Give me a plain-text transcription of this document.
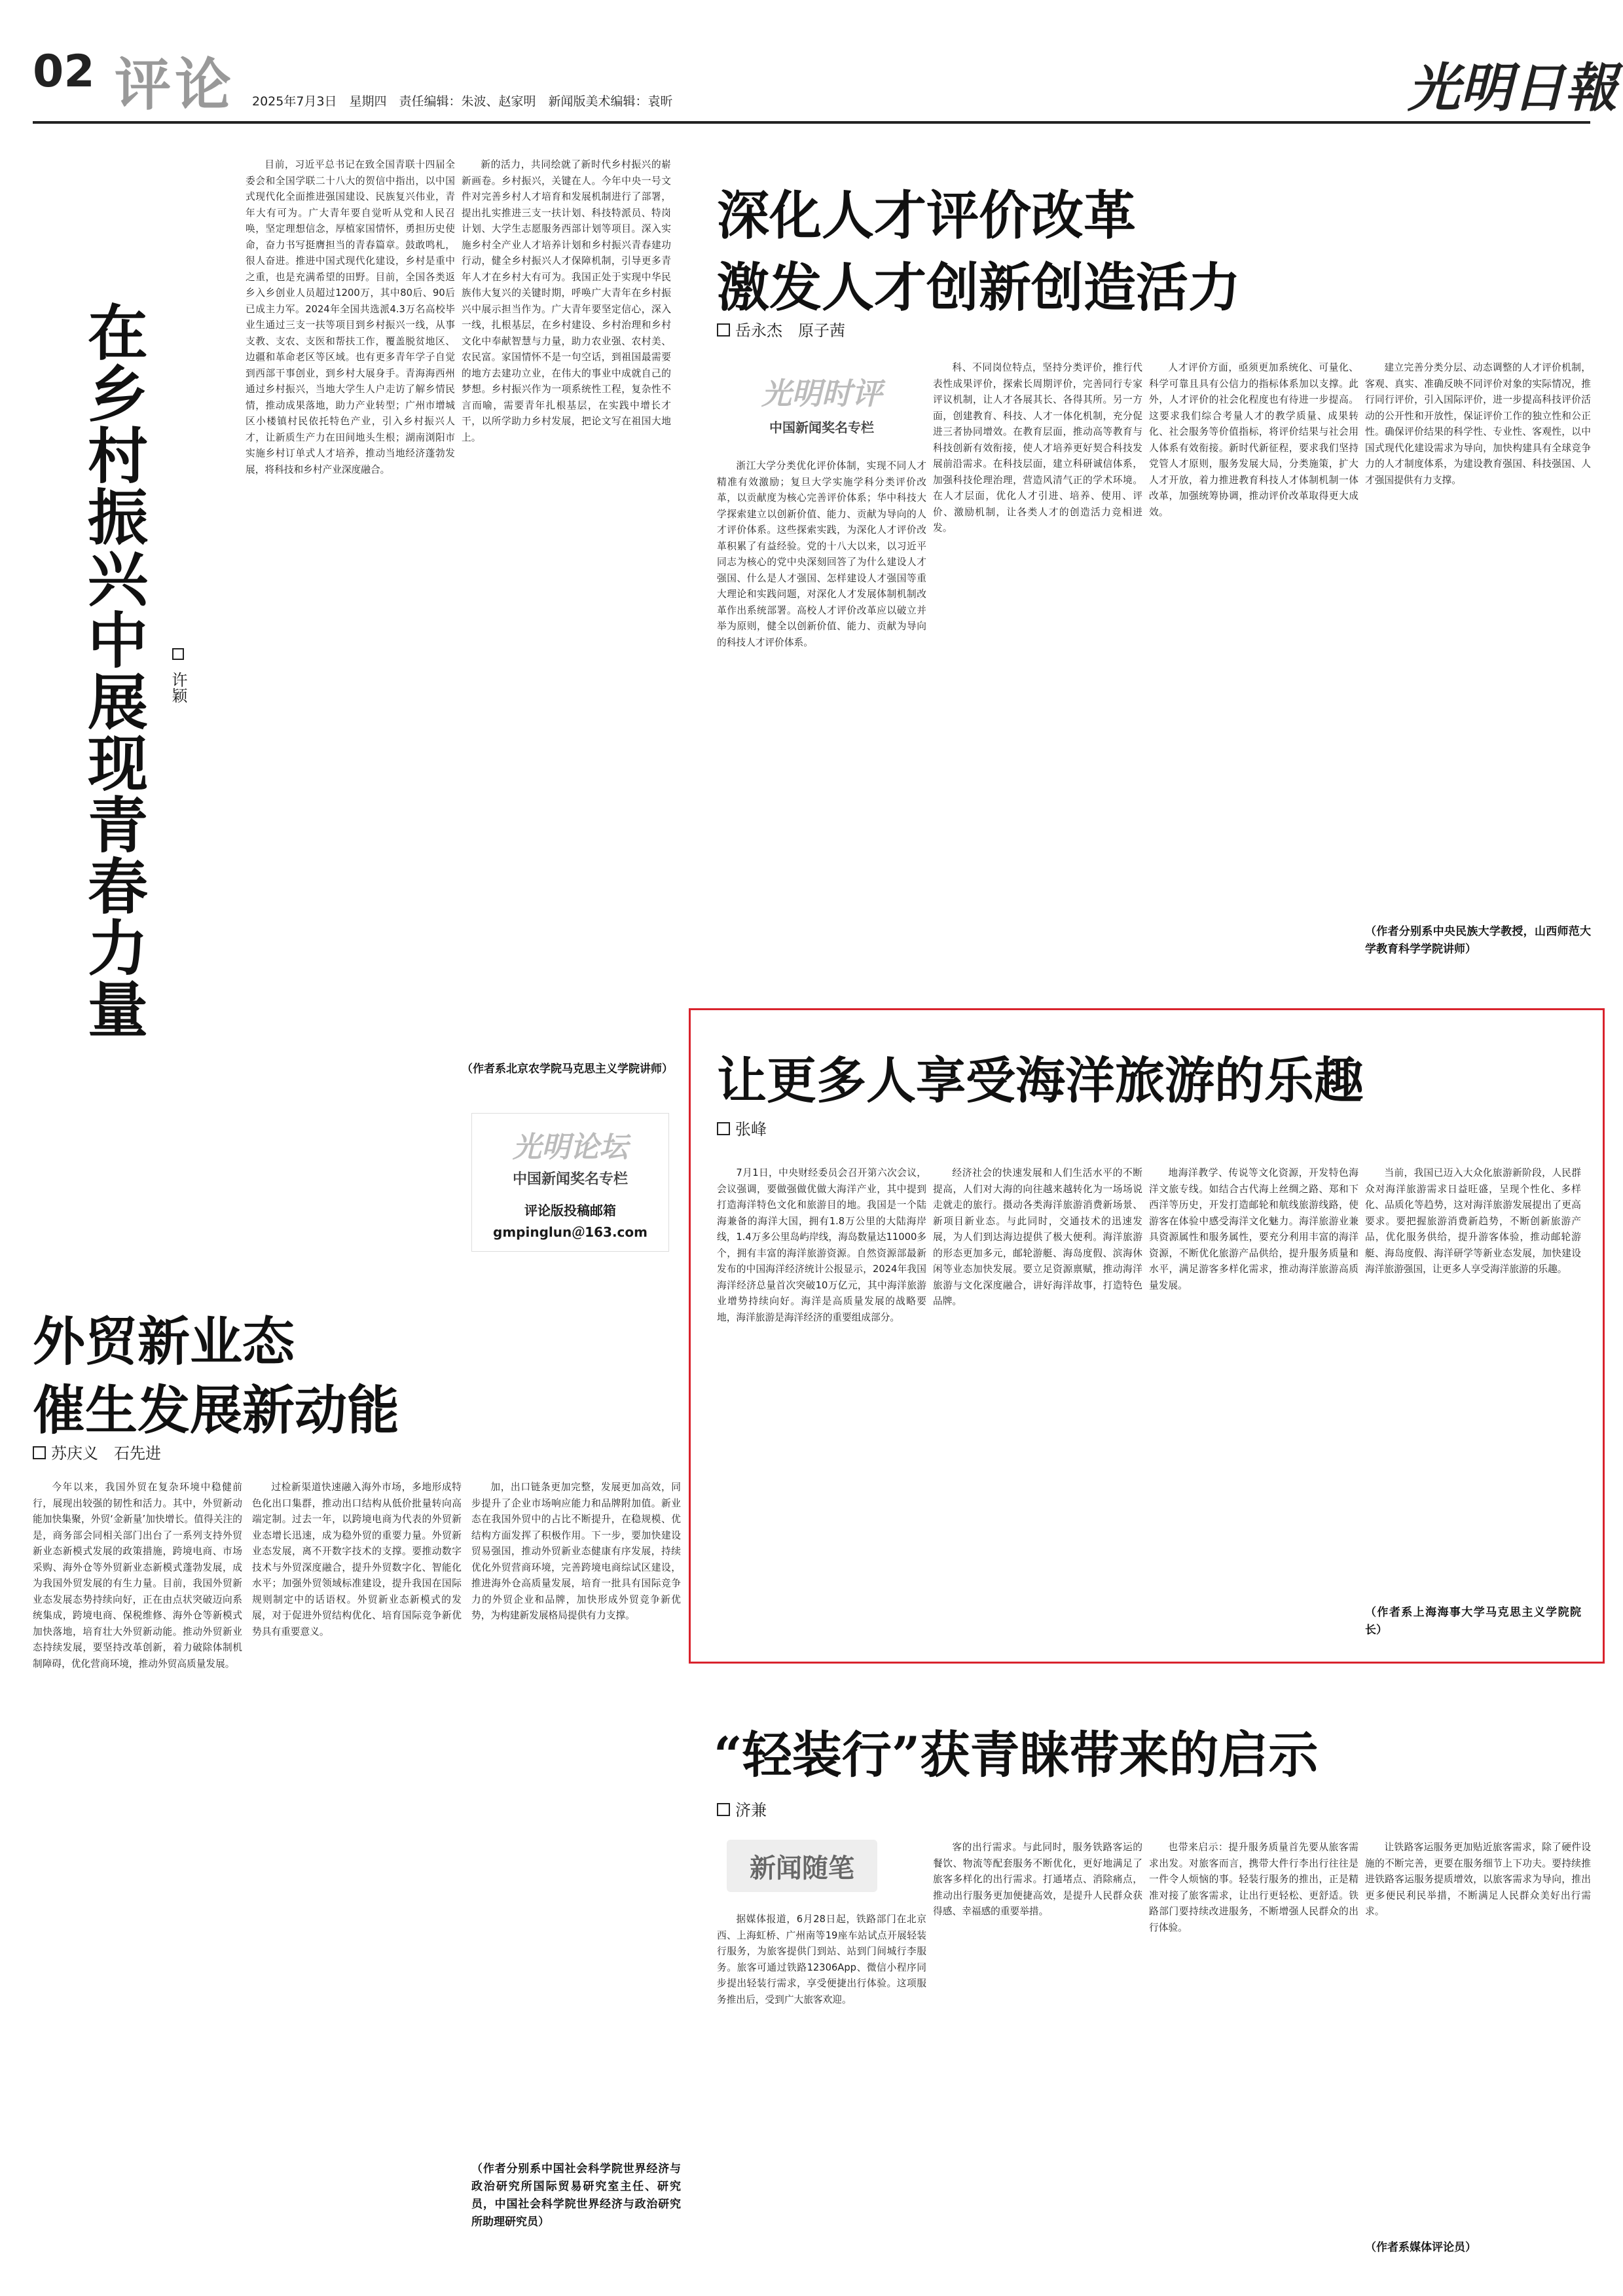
02 评论 2025年7月3日　星期四　责任编辑：朱波、赵家明　新闻版美术编辑：袁昕	光明日報
在乡村振兴中展现青春力量 许颖
目前，习近平总书记在致全国青联十四届全委会和全国学联二十八大的贺信中指出，以中国式现代化全面推进强国建设、民族复兴伟业，青年大有可为。广大青年要自觉听从党和人民召唤，坚定理想信念，厚植家国情怀，勇担历史使命，奋力书写挺膺担当的青春篇章。鼓敢鸣札，很人奋进。推进中国式现代化建设，乡村是重中之重，也是充满希望的田野。目前，全国各类返乡入乡创业人员超过1200万，其中80后、90后已成主力军。2024年全国共选派4.3万名高校毕业生通过三支一扶等项目到乡村振兴一线，从事支教、支农、支医和帮扶工作，覆盖脱贫地区、边疆和革命老区等区域。也有更多青年学子自觉到西部干事创业，到乡村大展身手。青海海西州通过乡村振兴，当地大学生人户走访了解乡情民情，推动成果落地，助力产业转型；广州市增城区小楼镇村民依托特色产业，引入乡村振兴人才，让新质生产力在田间地头生根；湖南浏阳市实施乡村订单式人才培养，推动当地经济蓬勃发展，将科技和乡村产业深度融合。
新的活力，共同绘就了新时代乡村振兴的崭新画卷。乡村振兴，关键在人。今年中央一号文件对完善乡村人才培育和发展机制进行了部署，提出扎实推进三支一扶计划、科技特派员、特岗计划、大学生志愿服务西部计划等项目。深入实施乡村全产业人才培养计划和乡村振兴青春建功行动，健全乡村振兴人才保障机制，引导更多青年人才在乡村大有可为。我国正处于实现中华民族伟大复兴的关键时期，呼唤广大青年在乡村振兴中展示担当作为。广大青年要坚定信心，深入一线，扎根基层，在乡村建设、乡村治理和乡村文化中奉献智慧与力量，助力农业强、农村美、农民富。家国情怀不是一句空话，到祖国最需要的地方去建功立业，在伟大的事业中成就自己的梦想。乡村振兴作为一项系统性工程，复杂性不言而喻，需要青年扎根基层，在实践中增长才干，以所学助力乡村发展，把论文写在祖国大地上。
（作者系北京农学院马克思主义学院讲师）
光明论坛
中国新闻奖名专栏
评论版投稿邮箱
gmpinglun＠163.com
深化人才评价改革
激发人才创新创造活力
岳永杰　原子茜
光明时评
中国新闻奖名专栏
浙江大学分类优化评价体制，实现不同人才精准有效激励；复旦大学实施学科分类评价改革，以贡献度为核心完善评价体系；华中科技大学探索建立以创新价值、能力、贡献为导向的人才评价体系。这些探索实践，为深化人才评价改革积累了有益经验。党的十八大以来，以习近平同志为核心的党中央深刻回答了为什么建设人才强国、什么是人才强国、怎样建设人才强国等重大理论和实践问题，对深化人才发展体制机制改革作出系统部署。高校人才评价改革应以破立并举为原则，健全以创新价值、能力、贡献为导向的科技人才评价体系。
科、不同岗位特点，坚持分类评价，推行代表性成果评价，探索长周期评价，完善同行专家评议机制，让人才各展其长、各得其所。另一方面，创建教育、科技、人才一体化机制，充分促进三者协同增效。在教育层面，推动高等教育与科技创新有效衔接，使人才培养更好契合科技发展前沿需求。在科技层面，建立科研诚信体系，加强科技伦理治理，营造风清气正的学术环境。在人才层面，优化人才引进、培养、使用、评价、激励机制，让各类人才的创造活力竞相迸发。
人才评价方面，亟须更加系统化、可量化、科学可靠且具有公信力的指标体系加以支撑。此外，人才评价的社会化程度也有待进一步提高。这要求我们综合考量人才的教学质量、成果转化、社会服务等价值指标，将评价结果与社会用人体系有效衔接。新时代新征程，要求我们坚持党管人才原则，服务发展大局，分类施策，扩大人才开放，着力推进教育科技人才体制机制一体改革，加强统筹协调，推动评价改革取得更大成效。
建立完善分类分层、动态调整的人才评价机制，客观、真实、准确反映不同评价对象的实际情况，推行同行评价，引入国际评价，进一步提高科技评价活动的公开性和开放性，保证评价工作的独立性和公正性。确保评价结果的科学性、专业性、客观性，以中国式现代化建设需求为导向，加快构建具有全球竞争力的人才制度体系，为建设教育强国、科技强国、人才强国提供有力支撑。
（作者分别系中央民族大学教授，山西师范大学教育科学学院讲师）
让更多人享受海洋旅游的乐趣
张峰
7月1日，中央财经委员会召开第六次会议，会议强调，要做强做优做大海洋产业，其中提到打造海洋特色文化和旅游目的地。我国是一个陆海兼备的海洋大国，拥有1.8万公里的大陆海岸线，1.4万多公里岛屿岸线，海岛数量达11000多个，拥有丰富的海洋旅游资源。自然资源部最新发布的中国海洋经济统计公报显示，2024年我国海洋经济总量首次突破10万亿元，其中海洋旅游业增势持续向好。海洋是高质量发展的战略要地，海洋旅游是海洋经济的重要组成部分。
经济社会的快速发展和人们生活水平的不断提高，人们对大海的向往越来越转化为一场场说走就走的旅行。摄动各类海洋旅游消费新场景、新项目新业态。与此同时，交通技术的迅速发展，为人们到达海边提供了极大便利。海洋旅游的形态更加多元，邮轮游艇、海岛度假、滨海休闲等业态加快发展。要立足资源禀赋，推动海洋旅游与文化深度融合，讲好海洋故事，打造特色品牌。
地海洋教学、传说等文化资源，开发特色海洋文旅专线。如结合古代海上丝绸之路、郑和下西洋等历史，开发打造邮轮和航线旅游线路，使游客在体验中感受海洋文化魅力。海洋旅游业兼具资源属性和服务属性，要充分利用丰富的海洋资源，不断优化旅游产品供给，提升服务质量和水平，满足游客多样化需求，推动海洋旅游高质量发展。
当前，我国已迈入大众化旅游新阶段，人民群众对海洋旅游需求日益旺盛，呈现个性化、多样化、品质化等趋势，这对海洋旅游发展提出了更高要求。要把握旅游消费新趋势，不断创新旅游产品，优化服务供给，提升游客体验，推动邮轮游艇、海岛度假、海洋研学等新业态发展，加快建设海洋旅游强国，让更多人享受海洋旅游的乐趣。
（作者系上海海事大学马克思主义学院院长）
外贸新业态
催生发展新动能
苏庆义　石先进
今年以来，我国外贸在复杂环境中稳健前行，展现出较强的韧性和活力。其中，外贸新动能加快集聚，外贸‘金新量’加快增长。值得关注的是，商务部会同相关部门出台了一系列支持外贸新业态新模式发展的政策措施，跨境电商、市场采购、海外仓等外贸新业态新模式蓬勃发展，成为我国外贸发展的有生力量。目前，我国外贸新业态发展态势持续向好，正在由点状突破迈向系统集成，跨境电商、保税维修、海外仓等新模式加快落地，培育壮大外贸新动能。推动外贸新业态持续发展，要坚持改革创新，着力破除体制机制障碍，优化营商环境，推动外贸高质量发展。
过检新渠道快速融入海外市场，多地形成特色化出口集群，推动出口结构从低价批量转向高端定制。过去一年，以跨境电商为代表的外贸新业态增长迅速，成为稳外贸的重要力量。外贸新业态发展，离不开数字技术的支撑。要推动数字技术与外贸深度融合，提升外贸数字化、智能化水平；加强外贸领域标准建设，提升我国在国际规则制定中的话语权。外贸新业态新模式的发展，对于促进外贸结构优化、培育国际竞争新优势具有重要意义。
加，出口链条更加完整，发展更加高效，同步提升了企业市场响应能力和品牌附加值。新业态在我国外贸中的占比不断提升，在稳规模、优结构方面发挥了积极作用。下一步，要加快建设贸易强国，推动外贸新业态健康有序发展，持续优化外贸营商环境，完善跨境电商综试区建设，推进海外仓高质量发展，培育一批具有国际竞争力的外贸企业和品牌，加快形成外贸竞争新优势，为构建新发展格局提供有力支撑。
（作者分别系中国社会科学院世界经济与政治研究所国际贸易研究室主任、研究员，中国社会科学院世界经济与政治研究所助理研究员）
“轻装行”获青睐带来的启示
济兼
新闻随笔
据媒体报道，6月28日起，铁路部门在北京西、上海虹桥、广州南等19座车站试点开展轻装行服务，为旅客提供门到站、站到门间城行李服务。旅客可通过铁路12306App、微信小程序同步提出轻装行需求，享受便捷出行体验。这项服务推出后，受到广大旅客欢迎。
客的出行需求。与此同时，服务铁路客运的餐饮、物流等配套服务不断优化，更好地满足了旅客多样化的出行需求。打通堵点、消除痛点，推动出行服务更加便捷高效，是提升人民群众获得感、幸福感的重要举措。
也带来启示：提升服务质量首先要从旅客需求出发。对旅客而言，携带大件行李出行往往是一件令人烦恼的事。轻装行服务的推出，正是精准对接了旅客需求，让出行更轻松、更舒适。铁路部门要持续改进服务，不断增强人民群众的出行体验。
让铁路客运服务更加贴近旅客需求，除了硬件设施的不断完善，更要在服务细节上下功夫。要持续推进铁路客运服务提质增效，以旅客需求为导向，推出更多便民利民举措，不断满足人民群众美好出行需求。
（作者系媒体评论员）
